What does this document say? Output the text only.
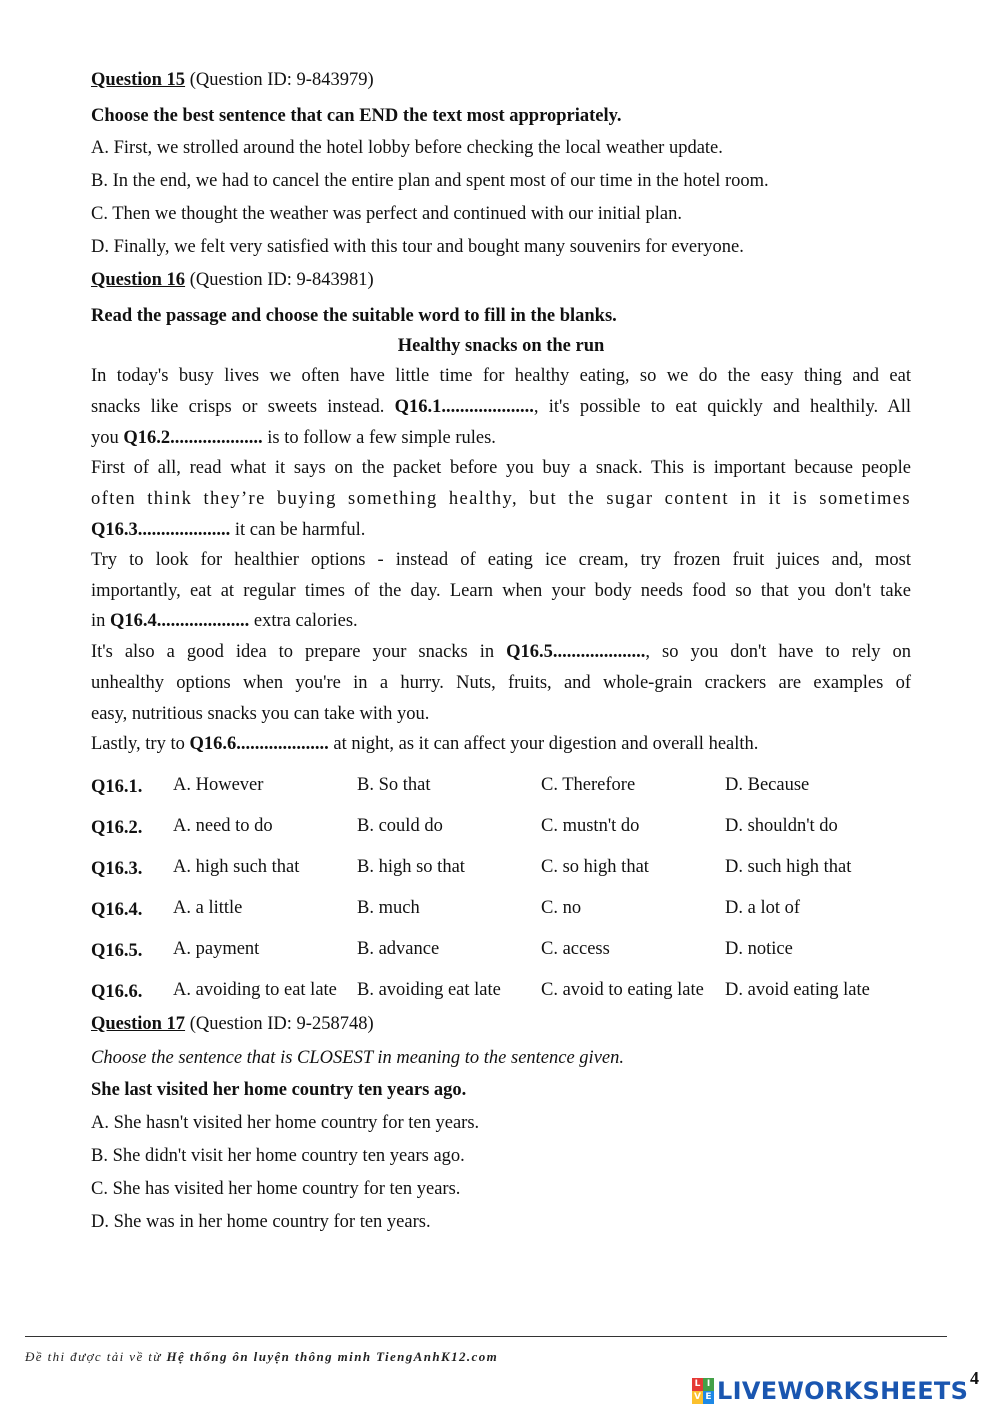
Question 15 (Question ID: 9-843979)
Choose the best sentence that can END the text most appropriately.
A. First, we strolled around the hotel lobby before checking the local weather update.
B. In the end, we had to cancel the entire plan and spent most of our time in the hotel room.
C. Then we thought the weather was perfect and continued with our initial plan.
D. Finally, we felt very satisfied with this tour and bought many souvenirs for everyone.
Question 16 (Question ID: 9-843981)
Read the passage and choose the suitable word to fill in the blanks.
Healthy snacks on the run
In today's busy lives we often have little time for healthy eating, so we do the easy thing and eat
snacks like crisps or sweets instead. Q16.1...................., it's possible to eat quickly and healthily. All
you Q16.2.................... is to follow a few simple rules.
First of all, read what it says on the packet before you buy a snack. This is important because people
often think they’re buying something healthy, but the sugar content in it is sometimes
Q16.3.................... it can be harmful.
Try to look for healthier options - instead of eating ice cream, try frozen fruit juices and, most
importantly, eat at regular times of the day. Learn when your body needs food so that you don't take
in Q16.4.................... extra calories.
It's also a good idea to prepare your snacks in Q16.5...................., so you don't have to rely on
unhealthy options when you're in a hurry. Nuts, fruits, and whole-grain crackers are examples of
easy, nutritious snacks you can take with you.
Lastly, try to Q16.6.................... at night, as it can affect your digestion and overall health.
Q16.1. A. However	B. So that	C. Therefore	D. Because
Q16.2. A. need to do	B. could do	C. mustn't do	D. shouldn't do
Q16.3. A. high such that	B. high so that	C. so high that	D. such high that
Q16.4. A. a little	B. much	C. no	D. a lot of
Q16.5. A. payment	B. advance	C. access	D. notice
Q16.6. A. avoiding to eat late B. avoiding eat late C. avoid to eating late D. avoid eating late
Question 17 (Question ID: 9-258748)
Choose the sentence that is CLOSEST in meaning to the sentence given.
She last visited her home country ten years ago.
A. She hasn't visited her home country for ten years.
B. She didn't visit her home country ten years ago.
C. She has visited her home country for ten years.
D. She was in her home country for ten years.
Đề thi được tải về từ Hệ thống ôn luyện thông minh TiengAnhK12.com
L I
V E LIVEWORKSHEETS 4
